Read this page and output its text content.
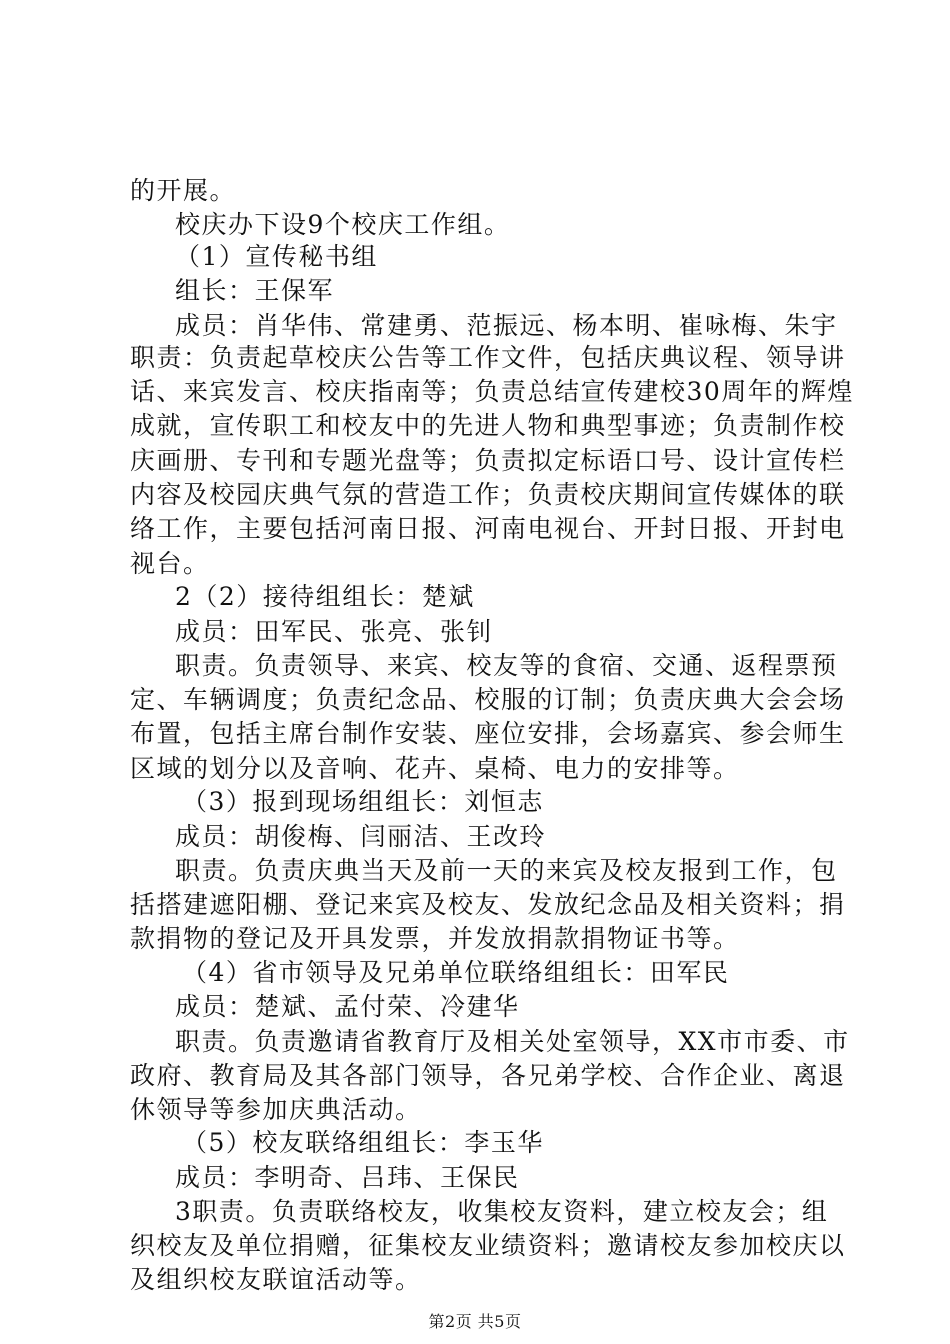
的开展。
校庆办下设9个校庆工作组。
（1）宣传秘书组
组长：王保军
成员：肖华伟、常建勇、范振远、杨本明、崔咏梅、朱宇
职责：负责起草校庆公告等工作文件，包括庆典议程、领导讲
话、来宾发言、校庆指南等；负责总结宣传建校30周年的辉煌
成就，宣传职工和校友中的先进人物和典型事迹；负责制作校
庆画册、专刊和专题光盘等；负责拟定标语口号、设计宣传栏
内容及校园庆典气氛的营造工作；负责校庆期间宣传媒体的联
络工作，主要包括河南日报、河南电视台、开封日报、开封电
视台。
2（2）接待组组长：楚斌
成员：田军民、张亮、张钊
职责。负责领导、来宾、校友等的食宿、交通、返程票预
定、车辆调度；负责纪念品、校服的订制；负责庆典大会会场
布置，包括主席台制作安装、座位安排，会场嘉宾、参会师生
区域的划分以及音响、花卉、桌椅、电力的安排等。
（3）报到现场组组长：刘恒志
成员：胡俊梅、闫丽洁、王改玲
职责。负责庆典当天及前一天的来宾及校友报到工作，包
括搭建遮阳棚、登记来宾及校友、发放纪念品及相关资料；捐
款捐物的登记及开具发票，并发放捐款捐物证书等。
（4）省市领导及兄弟单位联络组组长：田军民
成员：楚斌、孟付荣、冷建华
职责。负责邀请省教育厅及相关处室领导，XX市市委、市
政府、教育局及其各部门领导，各兄弟学校、合作企业、离退
休领导等参加庆典活动。
（5）校友联络组组长：李玉华
成员：李明奇、吕玮、王保民
3职责。负责联络校友，收集校友资料，建立校友会；组
织校友及单位捐赠，征集校友业绩资料；邀请校友参加校庆以
及组织校友联谊活动等。
第2页 共5页
